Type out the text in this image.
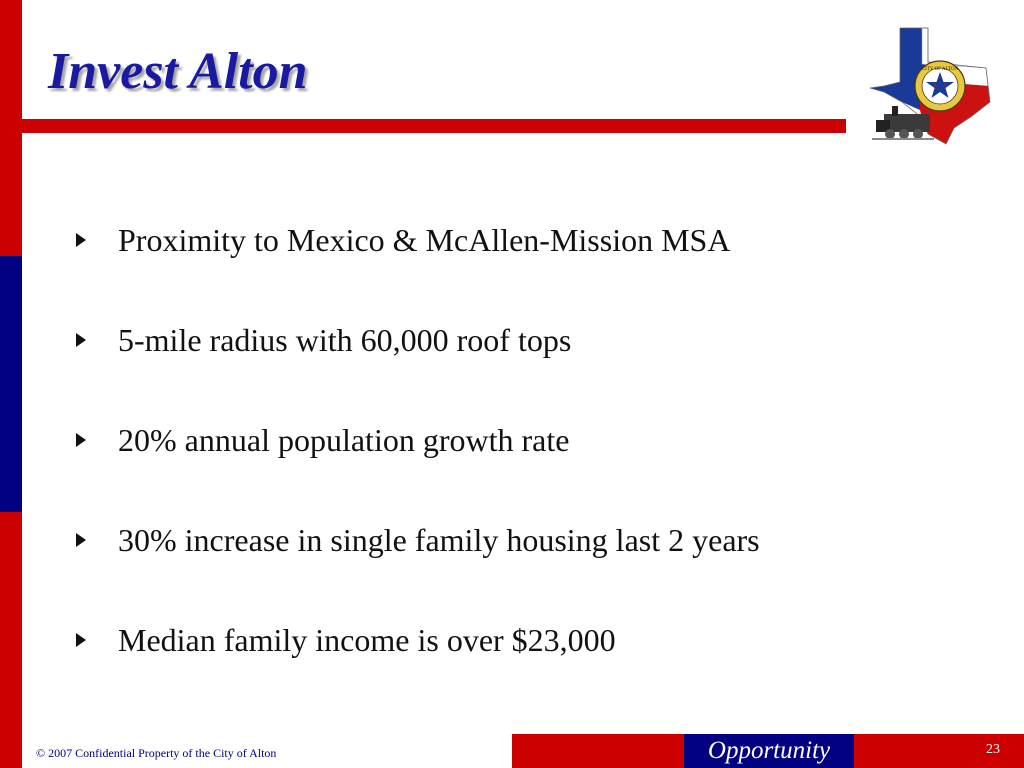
Invest Alton	CITY OF ALTON
E     X
Proximity to Mexico & McAllen-Mission MSA
5-mile radius with 60,000 roof tops
20% annual population growth rate
30% increase in single family housing last 2 years
Median family income is over $23,000
© 2007 Confidential Property of the City of Alton	Opportunity	23
